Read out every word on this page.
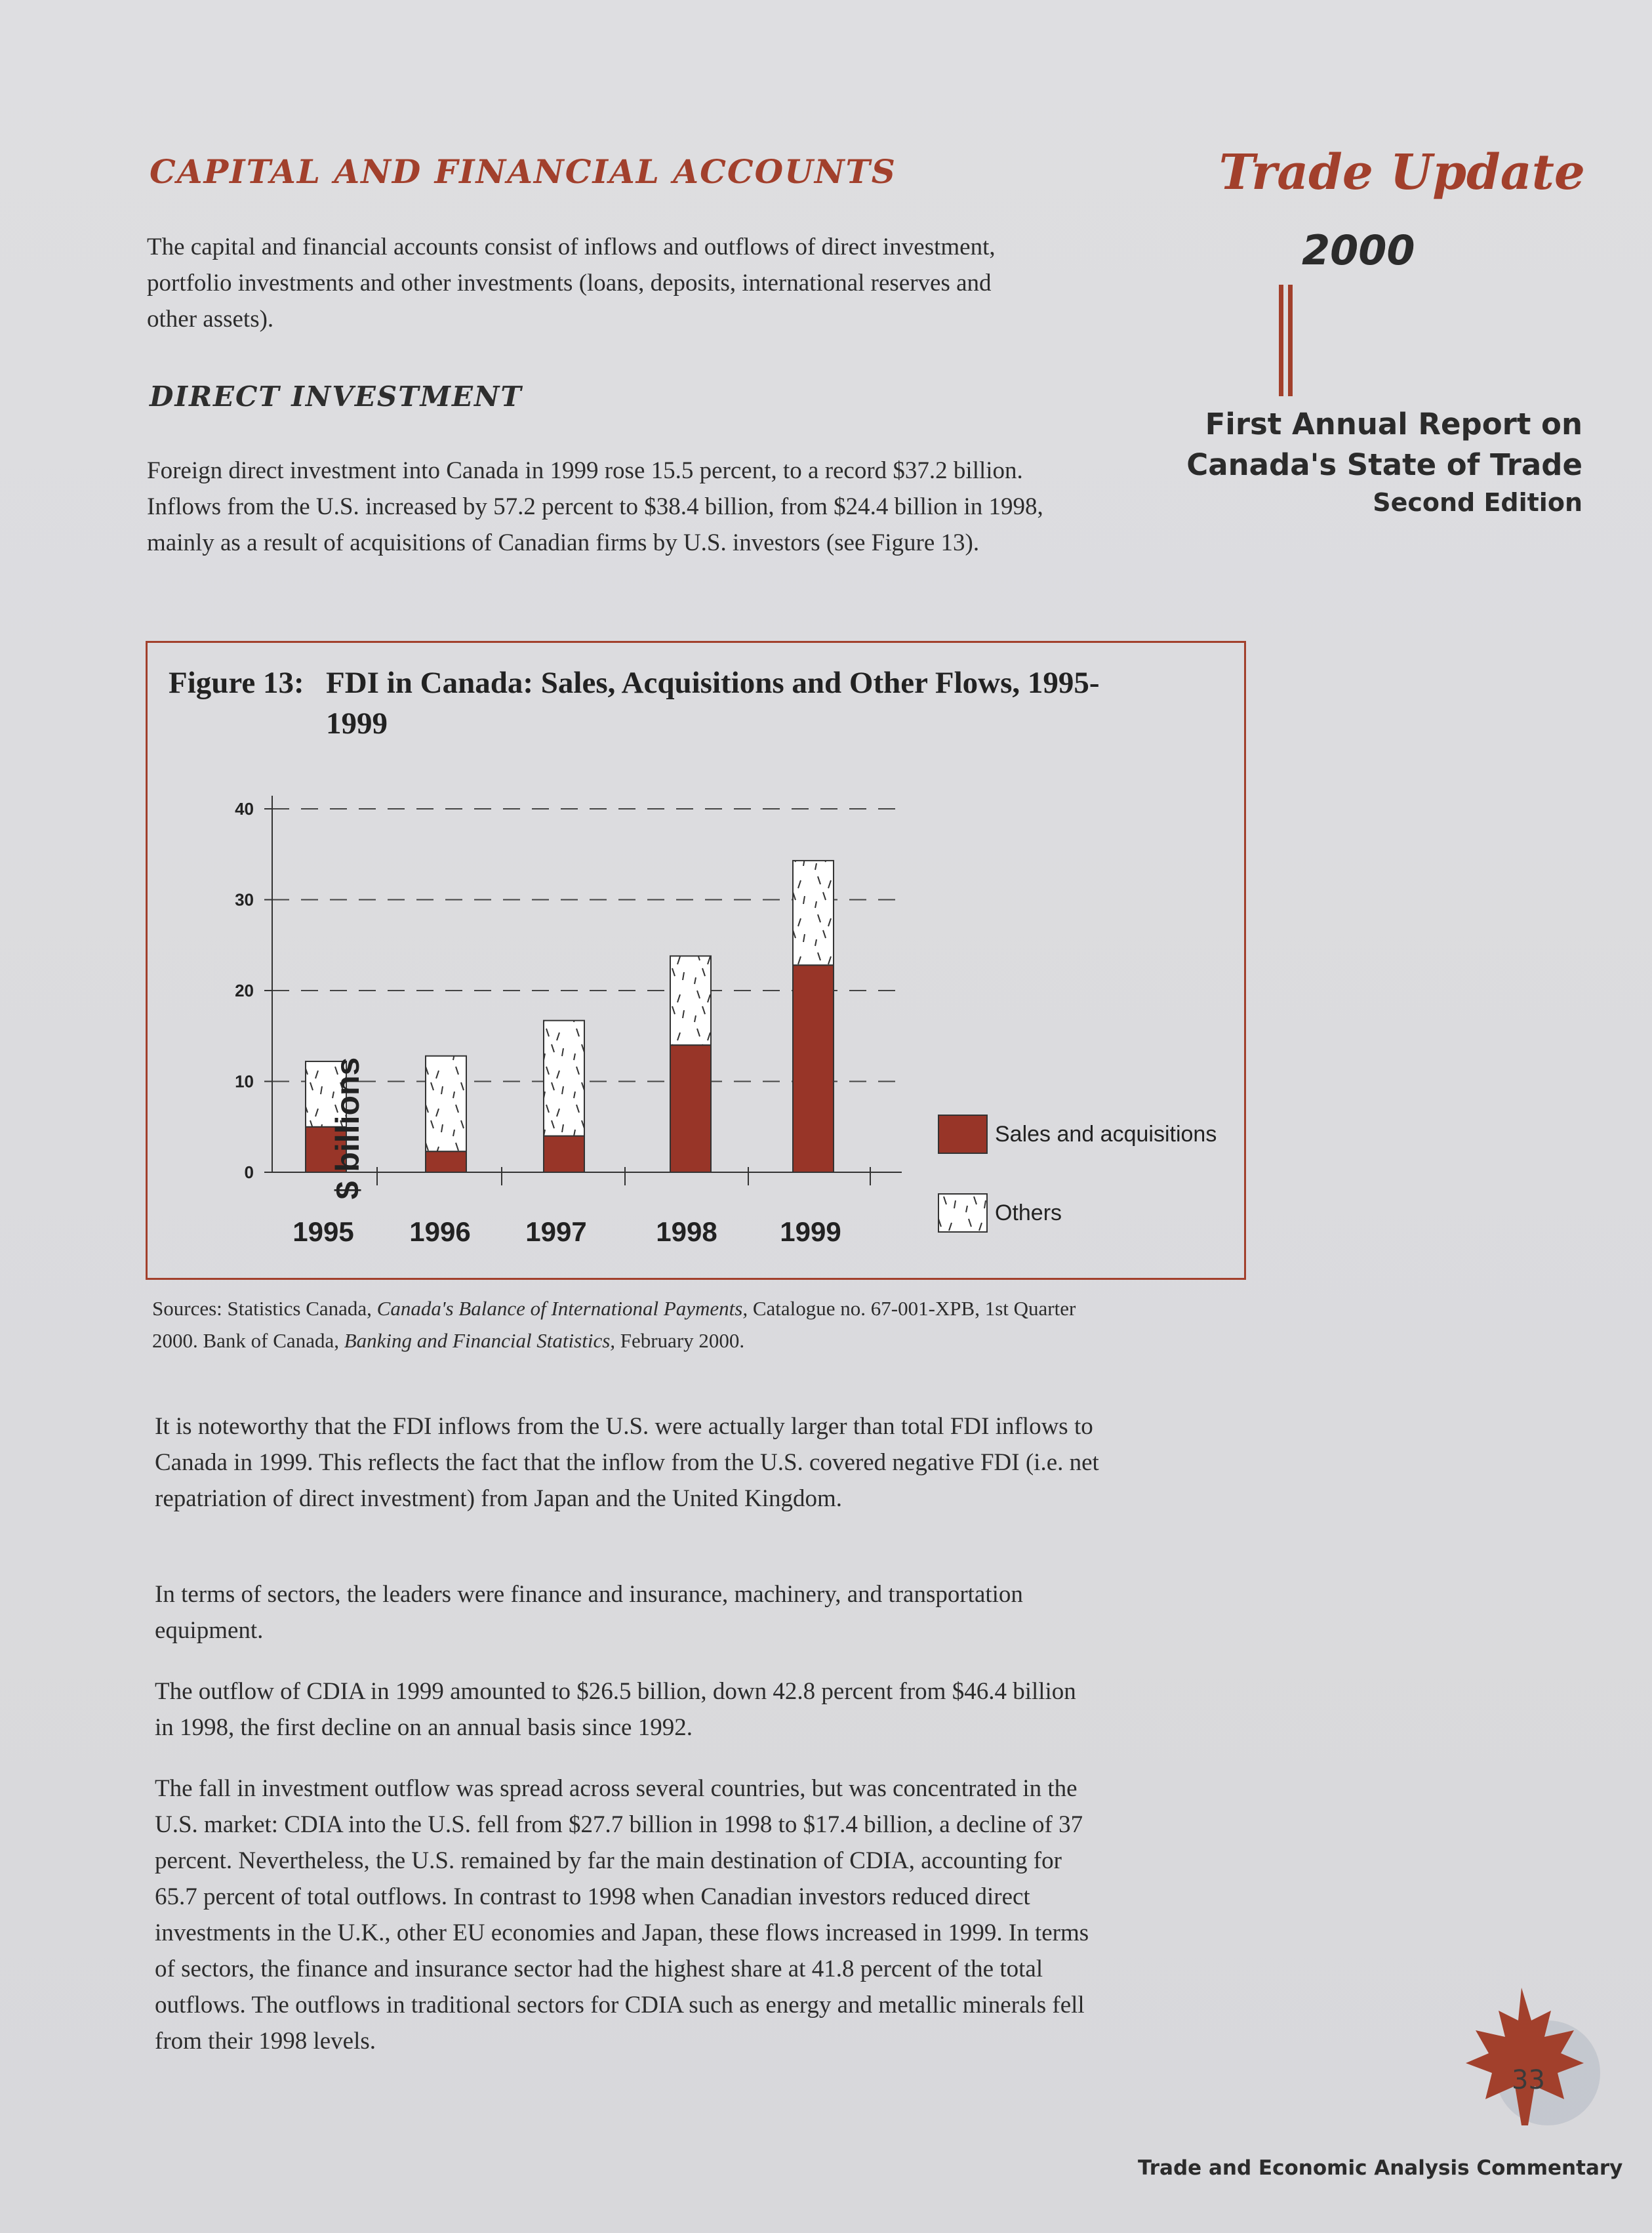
CAPITAL AND FINANCIAL ACCOUNTS
The capital and financial accounts consist of inflows and outflows of direct investment, portfolio investments and other investments (loans, deposits, international reserves and other assets).
DIRECT INVESTMENT
Foreign direct investment into Canada in 1999 rose 15.5 percent, to a record $37.2 billion. Inflows from the U.S. increased by 57.2 percent to $38.4 billion, from $24.4 billion in 1998, mainly as a result of acquisitions of Canadian firms by U.S. investors (see Figure 13).
Trade Update
2000
First Annual Report on
Canada's State of Trade
Second Edition
Figure 13: FDI in Canada: Sales, Acquisitions and Other Flows, 1995-1999
0
10
20
30
40
1995 1996 1997	1998 1999
$ billions	Sales and acquisitions
Others
Sources: Statistics Canada, Canada's Balance of International Payments, Catalogue no. 67-001-XPB, 1st Quarter 2000. Bank of Canada, Banking and Financial Statistics, February 2000.
It is noteworthy that the FDI inflows from the U.S. were actually larger than total FDI inflows to Canada in 1999. This reflects the fact that the inflow from the U.S. covered negative FDI (i.e. net repatriation of direct investment) from Japan and the United Kingdom.
In terms of sectors, the leaders were finance and insurance, machinery, and transportation equipment.
The outflow of CDIA in 1999 amounted to $26.5 billion, down 42.8 percent from $46.4 billion in 1998, the first decline on an annual basis since 1992.
The fall in investment outflow was spread across several countries, but was concentrated in the U.S. market: CDIA into the U.S. fell from $27.7 billion in 1998 to $17.4 billion, a decline of 37 percent. Nevertheless, the U.S. remained by far the main destination of CDIA, accounting for 65.7 percent of total outflows. In contrast to 1998 when Canadian investors reduced direct investments in the U.K., other EU economies and Japan, these flows increased in 1999. In terms of sectors, the finance and insurance sector had the highest share at 41.8 percent of the total outflows. The outflows in traditional sectors for CDIA such as energy and metallic minerals fell from their 1998 levels.
33
Trade and Economic Analysis Commentary
